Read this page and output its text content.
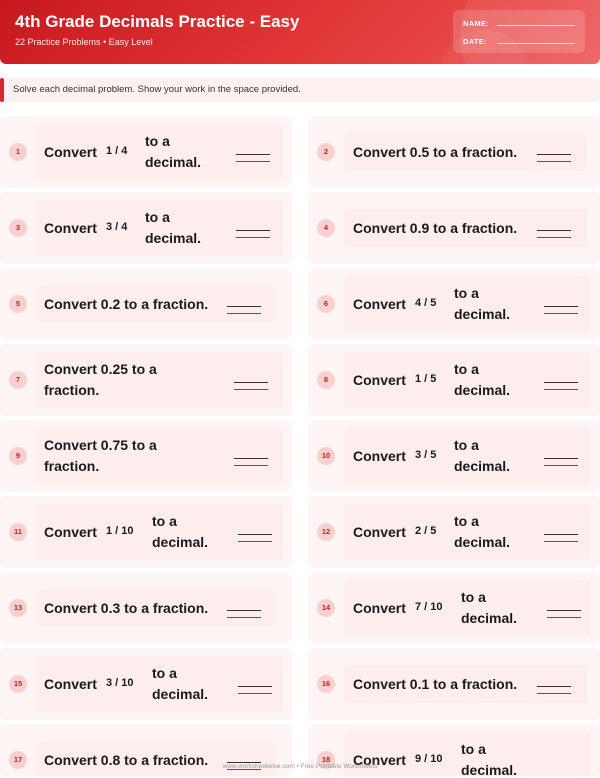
4th Grade Decimals Practice - Easy
22 Practice Problems • Easy Level
NAME:
DATE:
Solve each decimal problem. Show your work in the space provided.
1	Convert 1 / 4
to a
decimal.
2	Convert 0.5 to a fraction.
3	Convert 3 / 4
to a
decimal.
4	Convert 0.9 to a fraction.
5	Convert 0.2 to a fraction.	6	Convert 4 / 5
to a
decimal.
7
Convert 0.25 to a
fraction.
8	Convert 1 / 5
to a
decimal.
9
Convert 0.75 to a
fraction.
10	Convert 3 / 5
to a
decimal.
11	Convert 1 / 10
to a
decimal.
12	Convert 2 / 5
to a
decimal.
13	Convert 0.3 to a fraction.	14	Convert 7 / 10
to a
decimal.
15	Convert 3 / 10
to a
decimal.
16	Convert 0.1 to a fraction.
17	Convert 0.8 to a fraction.	18	Convert 9 / 10
to a
decimal.
www.worksheetwise.com • Free Printable Worksheets
